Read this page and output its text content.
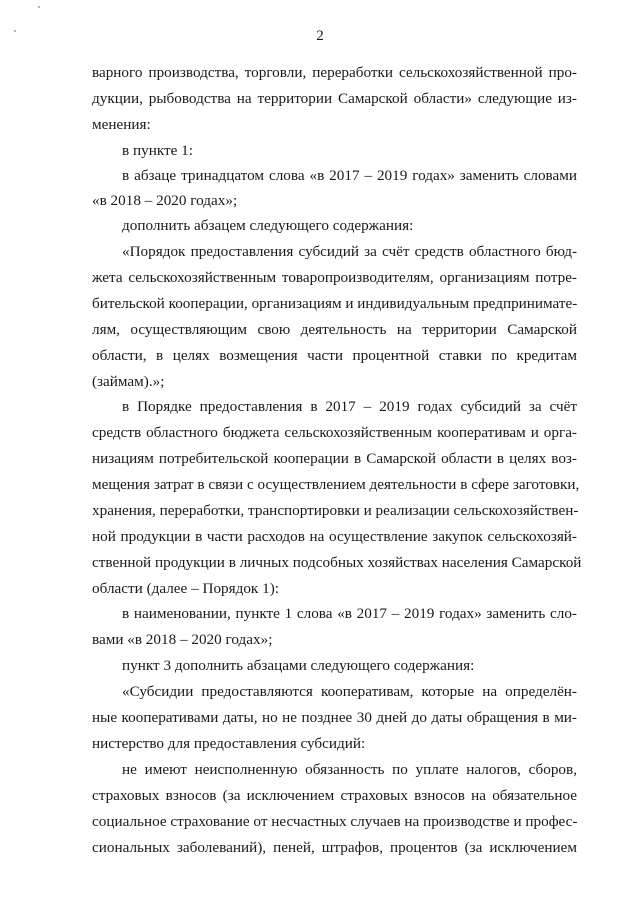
2
варного производства, торговли, переработки сельскохозяйственной про-
дукции, рыбоводства на территории Самарской области» следующие из-
менения:
в пункте 1:
в абзаце тринадцатом слова «в 2017 – 2019 годах» заменить словами
«в 2018 – 2020 годах»;
дополнить абзацем следующего содержания:
«Порядок предоставления субсидий за счёт средств областного бюд-
жета сельскохозяйственным товаропроизводителям, организациям потре-
бительской кооперации, организациям и индивидуальным предпринимате-
лям, осуществляющим свою деятельность на территории Самарской
области, в целях возмещения части процентной ставки по кредитам
(займам).»;
в Порядке предоставления в 2017 – 2019 годах субсидий за счёт
средств областного бюджета сельскохозяйственным кооперативам и орга-
низациям потребительской кооперации в Самарской области в целях воз-
мещения затрат в связи с осуществлением деятельности в сфере заготовки,
хранения, переработки, транспортировки и реализации сельскохозяйствен-
ной продукции в части расходов на осуществление закупок сельскохозяй-
ственной продукции в личных подсобных хозяйствах населения Самарской
области (далее – Порядок 1):
в наименовании, пункте 1 слова «в 2017 – 2019 годах» заменить сло-
вами «в 2018 – 2020 годах»;
пункт 3 дополнить абзацами следующего содержания:
«Субсидии предоставляются кооперативам, которые на определён-
ные кооперативами даты, но не позднее 30 дней до даты обращения в ми-
нистерство для предоставления субсидий:
не имеют неисполненную обязанность по уплате налогов, сборов,
страховых взносов (за исключением страховых взносов на обязательное
социальное страхование от несчастных случаев на производстве и профес-
сиональных заболеваний), пеней, штрафов, процентов (за исключением
